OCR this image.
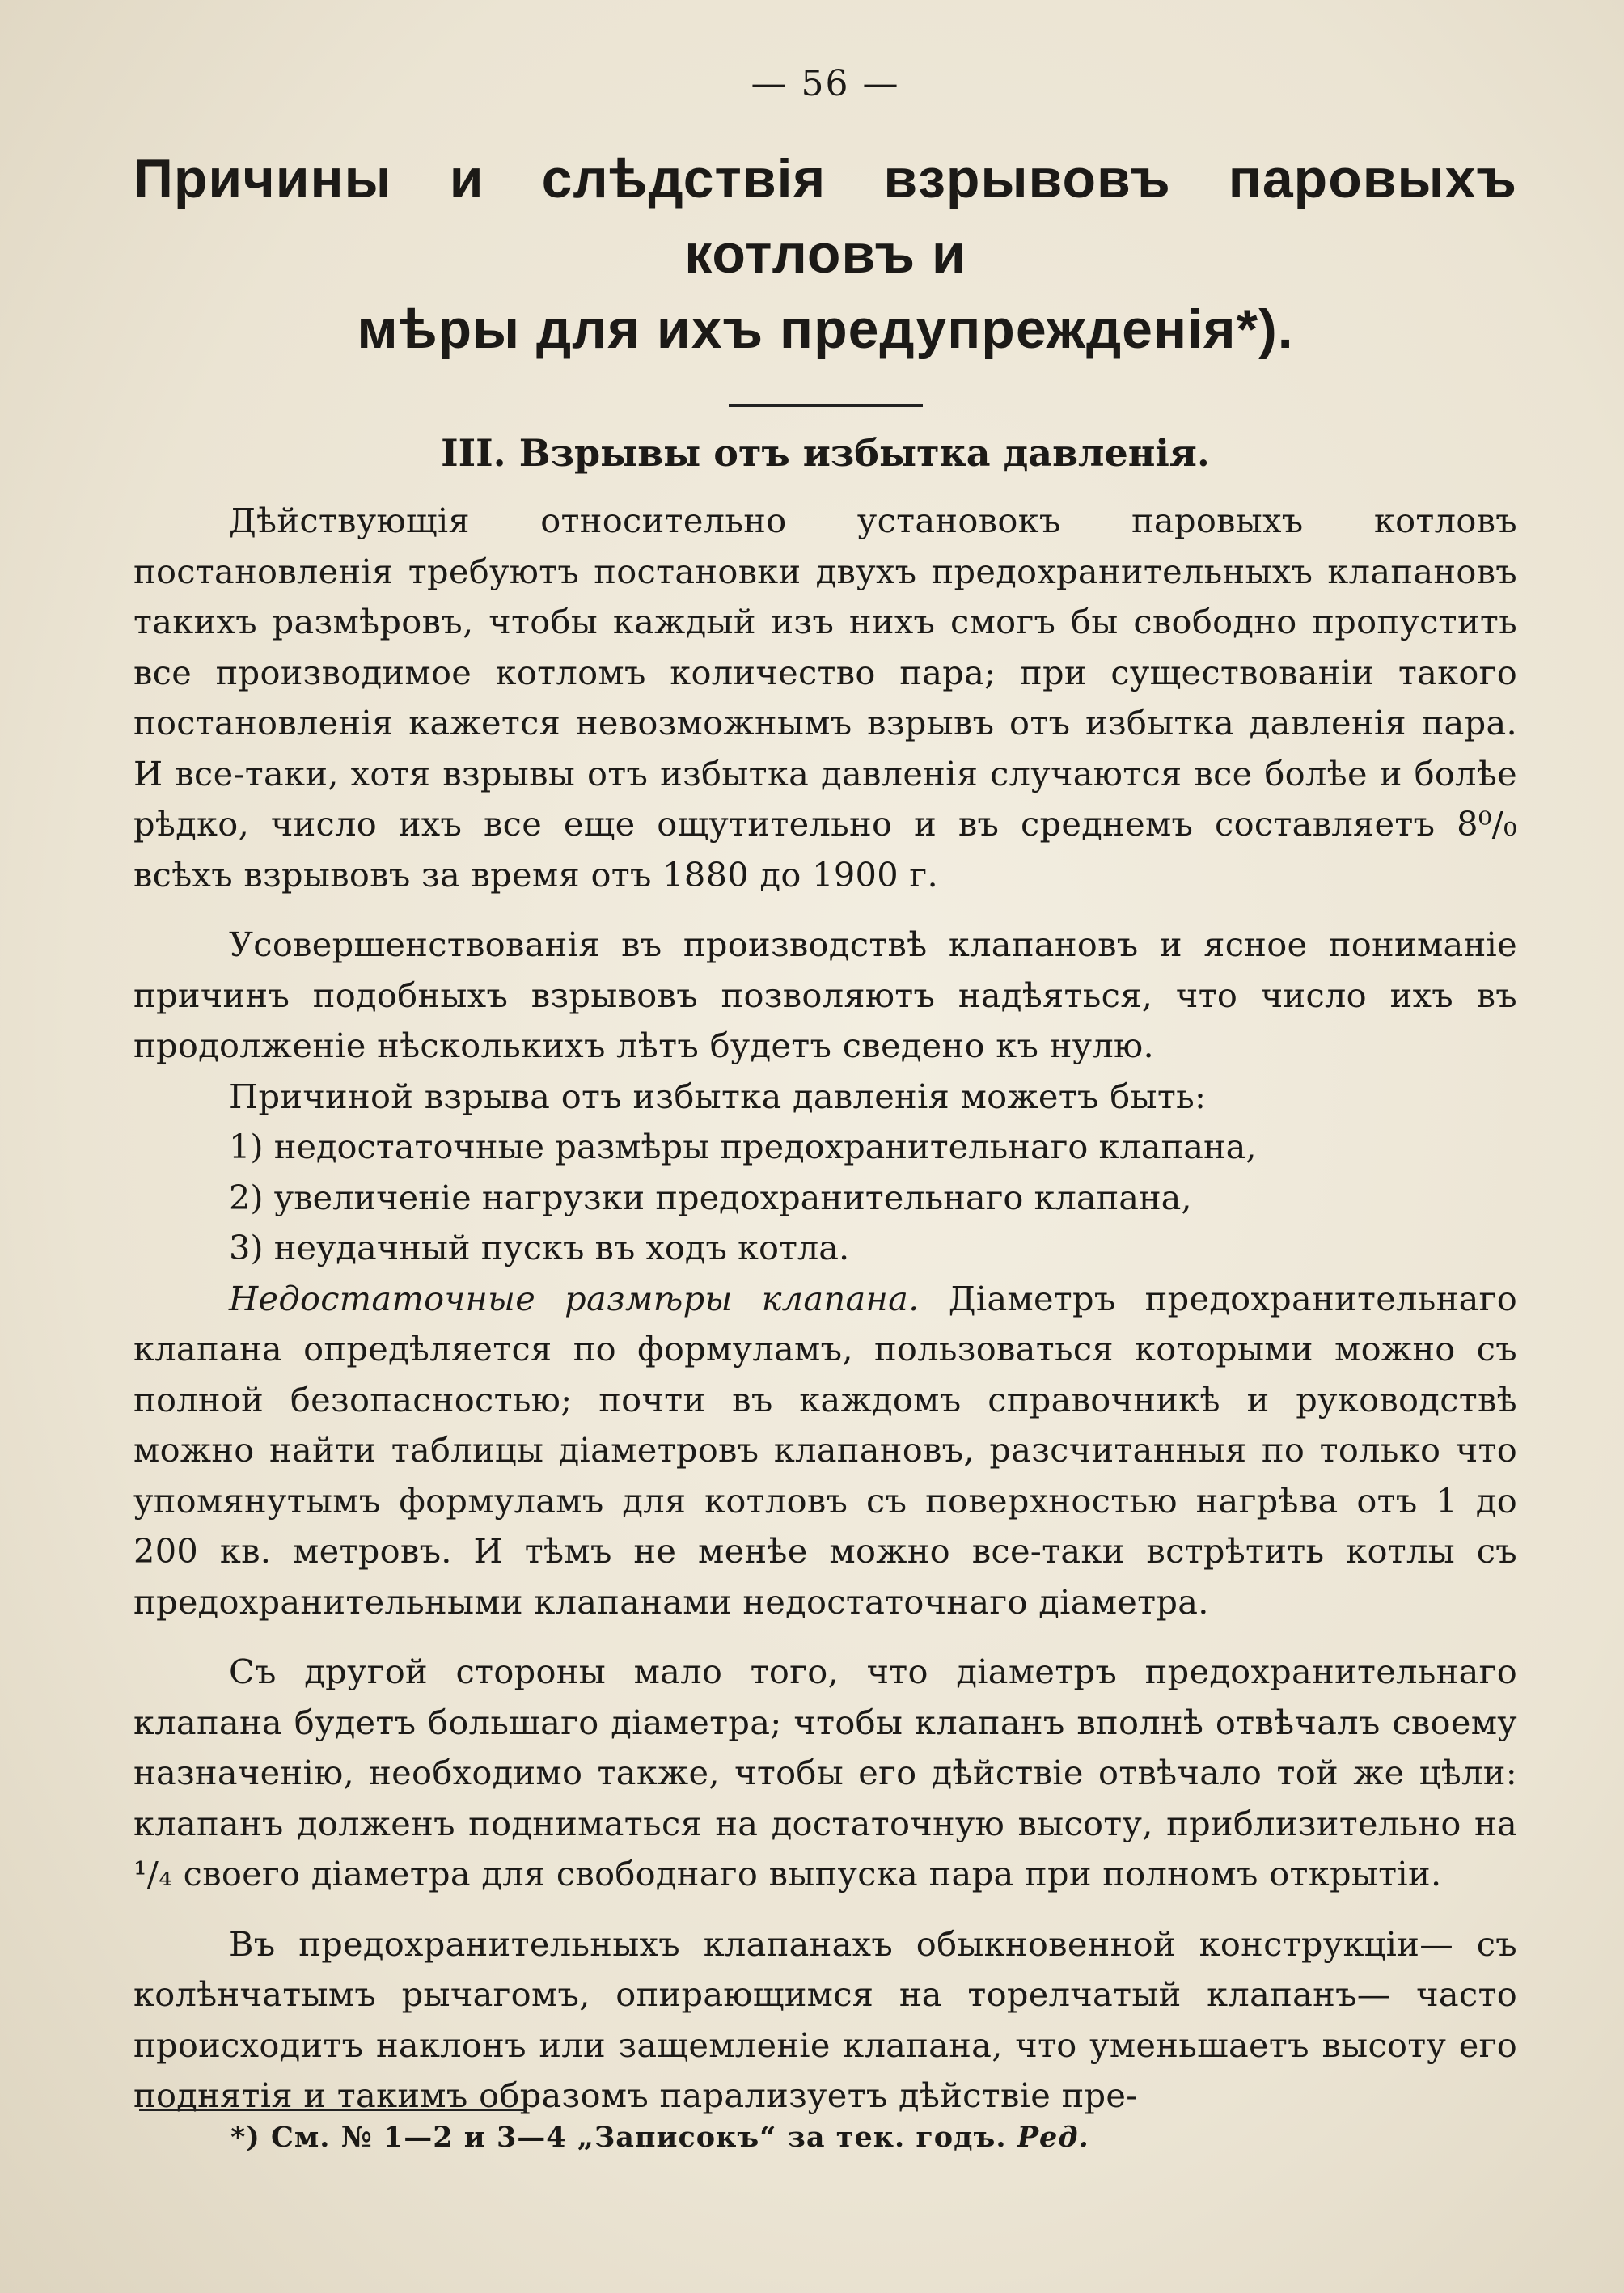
— 56 —
Причины и слѣдствія взрывовъ паровыхъ котловъ и
мѣры для ихъ предупрежденія*).
III. Взрывы отъ избытка давленія.

Дѣйствующія относительно установокъ паровыхъ котловъ постановленія требуютъ постановки двухъ предохранительныхъ клапановъ такихъ размѣровъ, чтобы каждый изъ нихъ смогъ бы свободно пропустить все производимое котломъ количество пара; при существованіи такого постановленія кажется невозможнымъ взрывъ отъ избытка давленія пара. И все-таки, хотя взрывы отъ избытка давленія случаются все болѣе и болѣе рѣдко, число ихъ все еще ощутительно и въ среднемъ составляетъ 8⁰/₀ всѣхъ взрывовъ за время отъ 1880 до 1900 г.

Усовершенствованія въ производствѣ клапановъ и ясное пониманіе причинъ подобныхъ взрывовъ позволяютъ надѣяться, что число ихъ въ продолженіе нѣсколькихъ лѣтъ будетъ сведено къ нулю.

Причиной взрыва отъ избытка давленія можетъ быть:

1) недостаточные размѣры предохранительнаго клапана,
2) увеличеніе нагрузки предохранительнаго клапана,
3) неудачный пускъ въ ходъ котла.

Недостаточные размѣры клапана. Діаметръ предохранительнаго клапана опредѣляется по формуламъ, пользоваться которыми можно съ полной безопасностью; почти въ каждомъ справочникѣ и руководствѣ можно найти таблицы діаметровъ клапановъ, разсчитанныя по только что упомянутымъ формуламъ для котловъ съ поверхностью нагрѣва отъ 1 до 200 кв. метровъ. И тѣмъ не менѣе можно все-таки встрѣтить котлы съ предохранительными клапанами недостаточнаго діаметра.

Съ другой стороны мало того, что діаметръ предохранительнаго клапана будетъ большаго діаметра; чтобы клапанъ вполнѣ отвѣчалъ своему назначенію, необходимо также, чтобы его дѣйствіе отвѣчало той же цѣли: клапанъ долженъ подниматься на достаточную высоту, приблизительно на ¹/₄ своего діаметра для свободнаго выпуска пара при полномъ открытіи.

Въ предохранительныхъ клапанахъ обыкновенной конструкціи— съ колѣнчатымъ рычагомъ, опирающимся на торелчатый клапанъ— часто происходитъ наклонъ или защемленіе клапана, что уменьшаетъ высоту его поднятія и такимъ образомъ парализуетъ дѣйствіе пре-

*) См. № 1—2 и 3—4 „Записокъ“ за тек. годъ. Ред.
